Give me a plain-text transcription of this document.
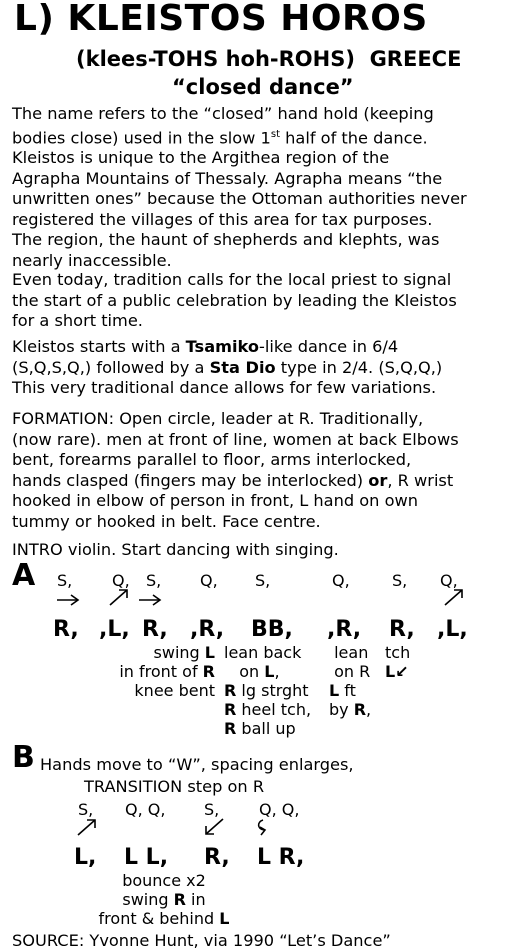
L) KLEISTOS HOROS
(klees-TOHS hoh-ROHS) GREECE
“closed dance”
The name refers to the “closed” hand hold (keeping
bodies close) used in the slow 1st half of the dance.
Kleistos is unique to the Argithea region of the
Agrapha Mountains of Thessaly. Agrapha means “the
unwritten ones” because the Ottoman authorities never
registered the villages of this area for tax purposes.
The region, the haunt of shepherds and klephts, was
nearly inaccessible.
Even today, tradition calls for the local priest to signal
the start of a public celebration by leading the Kleistos
for a short time.
Kleistos starts with a Tsamiko-like dance in 6/4
(S,Q,S,Q,) followed by a Sta Dio type in 2/4. (S,Q,Q,)
This very traditional dance allows for few variations.
FORMATION: Open circle, leader at R. Traditionally,
(now rare). men at front of line, women at back Elbows
bent, forearms parallel to floor, arms interlocked,
hands clasped (fingers may be interlocked) or, R wrist
hooked in elbow of person in front, L hand on own
tummy or hooked in belt. Face centre.
INTRO violin. Start dancing with singing.
A S, Q, S, Q, S,	Q,	S, Q,
R, ,L, R, ,R, BB, ,R, R, ,L,
swing L
in front of R
knee bent
lean back
on L,
R lg strght
R heel tch,
R ball up
lean
on R
L ft
by R,
tch
L↙
B Hands move to “W”, spacing enlarges,
TRANSITION step on R
S, Q, Q, S, Q, Q,
L, L L, R, L R,
bounce x2
swing R in
front & behind L
SOURCE: Yvonne Hunt, via 1990 “Let’s Dance”
